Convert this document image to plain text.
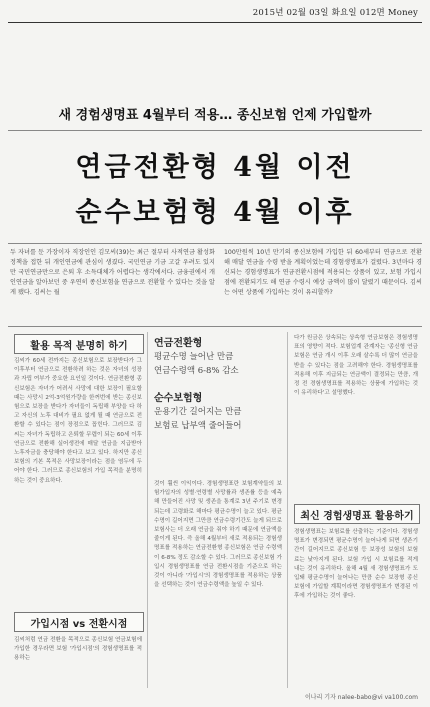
2015년 02월 03일 화요일 012면 Money
새 경험생명표 4월부터 적용… 종신보험 언제 가입할까
연금전환형 4월 이전
순수보험형 4월 이후
두 자녀를 둔 가장이자 직장인인 김모씨(39)는 최근 절부터 사적연금 활성화 정책을 접한 뒤 개인연금에 관심이 생겼다. 국민연금 기금 고갈 우려도 있지만 국민연금만으로 은퇴 후 소득대체가 어렵다는 생각에서다. 금융권에서 개인연금을 알아보던 중 우연히 종신보험을 연금으로 전환할 수 있다는 것을 알게 됐다. 김씨는 월
100만원씩 10년 만기의 종신보험에 가입한 뒤 60세부터 연금으로 전환해 매달 연금을 수령 받을 계획이었는데 경험생명표가 걸렸다. 3년마다 경신되는 경험생명표가 연금전환시점에 적용되는 상품이 있고, 보험 가입시점에 전환되기도 해 연금 수령시 예상 금액이 많이 달렸기 때문이다. 김씨는 어떤 상품에 가입하는 것이 유리할까?
활용 목적 분명히 하기
김씨가 60세 전까지는 종신보험으로 보장받다가 그 이후부터 연금으로 전환하려 하는 것은 자녀의 성장과 자립 여부가 중요한 요인일 것이다. 연금전환형 종신보험은 자녀가 어려서 사망에 대한 보장이 필요할 때는 사망시 2억-3억원가량을 한꺼번에 받는 종신보험으로 보장을 받다가 자녀들이 독립해 부양을 다 하고 자신의 노후 대비가 필요 없게 될 때 연금으로 전환할 수 있다는 점이 장점으로 꼽힌다. 그러므로 김 씨는 자녀가 독립하고 은퇴할 무렵이 되는 60세 이후 연금으로 전환해 실어생전에 매달 연금을 지급받아 노후자금을 충당해야 한다고 보고 있다. 하지만 종신보험의 기본 목적은 사망보장이라는 점을 염두에 두어야 한다. 그러므로 종신보험의 가입 목적을 분명히 하는 것이 중요하다.
가입시점 vs 전환시점
김씨처럼 연금 전환을 목적으로 종신보험 연금보험에 가입한 경우라면 보험 '가입시점'의 경험생명표를 적용하는
연금전환형

평균수명 늘어난 만큼

연금수령액 6-8% 감소

순수보험형

운용기간 길어지는 만큼

보험료 납부액 줄어들어

것이 훨씬 이익이다. 경험생명표란 보험계약들의 보험가입자의 성별·연령별 사망률과 생존률 등을 예측해 만들어진 사망 및 생존을 통계로 3년 주기로 변경되는데 고령화로 해마다 평균수명이 늘고 있다. 평균수명이 길어지면 그만큼 연금수령기간도 늘게 되므로 보험사는 더 오래 연금을 줘야 하기 때문에 연금액을 줄이게 된다. 즉 올해 4월부터 새로 적용되는 경험생명표를 적용하는 연금전환형 종신보험은 연금 수령액이 6-8% 정도 감소할 수 있다. 그러므로 종신보험 가입시 경험생명표를 연금 전환시점을 기준으로 하는 것이 아니라 '가입시'의 경험생명표를 적용하는 상품을 선택하는 것이 연금수령액을 높일 수 있다.
다가 원금은 상속되는 상속형 연금보험은 경험생명표의 영향이 적다. 보험업계 관계자는 '종신형 연금보험은 연금 개시 이후 오래 살수록 더 많이 연금을 받을 수 있다는 점을 고려해야 한다. 경험생명표를 적용해 이후 지급되는 연금액이 결정되는 만큼, 개정 전 경험생명표를 적용하는 상품에 가입하는 것이 유리하다'고 설명했다.
최신 경험생명표 활용하기
경험생명표는 보험료를 산출하는 기준이다. 경험생명표가 변경되면 평균수명이 늘어나게 되면 생존기간이 길어지므로 종신보험 등 보장성 보험의 보험료는 낮아지게 된다. 보험 가입 시 보험료를 적게 내는 것이 유리하다. 올해 4월 새 경험생명표가 도입돼 평균수명이 늘어나는 만큼 순수 보장형 종신보험에 가입할 계획이라면 경험생명표가 변경된 이후에 가입하는 것이 좋다.
이나리 기자 nalee-babo@vi va100.com
